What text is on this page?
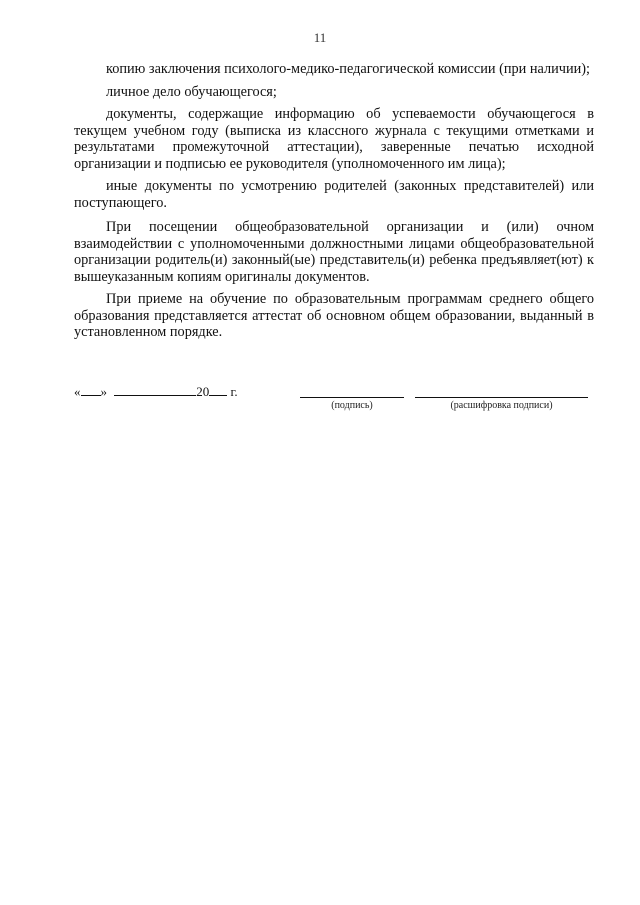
11

копию заключения психолого-медико-педагогической комиссии (при наличии);

личное дело обучающегося;

документы, содержащие информацию об успеваемости обучающегося в текущем учебном году (выписка из классного журнала с текущими отметками и результатами промежуточной аттестации), заверенные печатью исходной организации и подписью ее руководителя (уполномоченного им лица);

иные документы по усмотрению родителей (законных представителей) или поступающего.

При посещении общеобразовательной организации и (или) очном взаимодействии с уполномоченными должностными лицами общеобразовательной организации родитель(и) законный(ые) представитель(и) ребенка предъявляет(ют) к вышеуказанным копиям оригиналы документов.

При приеме на обучение по образовательным программам среднего общего образования представляется аттестат об основном общем образовании, выданный в установленном порядке.

« »	20 г.
(подпись)	(расшифровка подписи)
